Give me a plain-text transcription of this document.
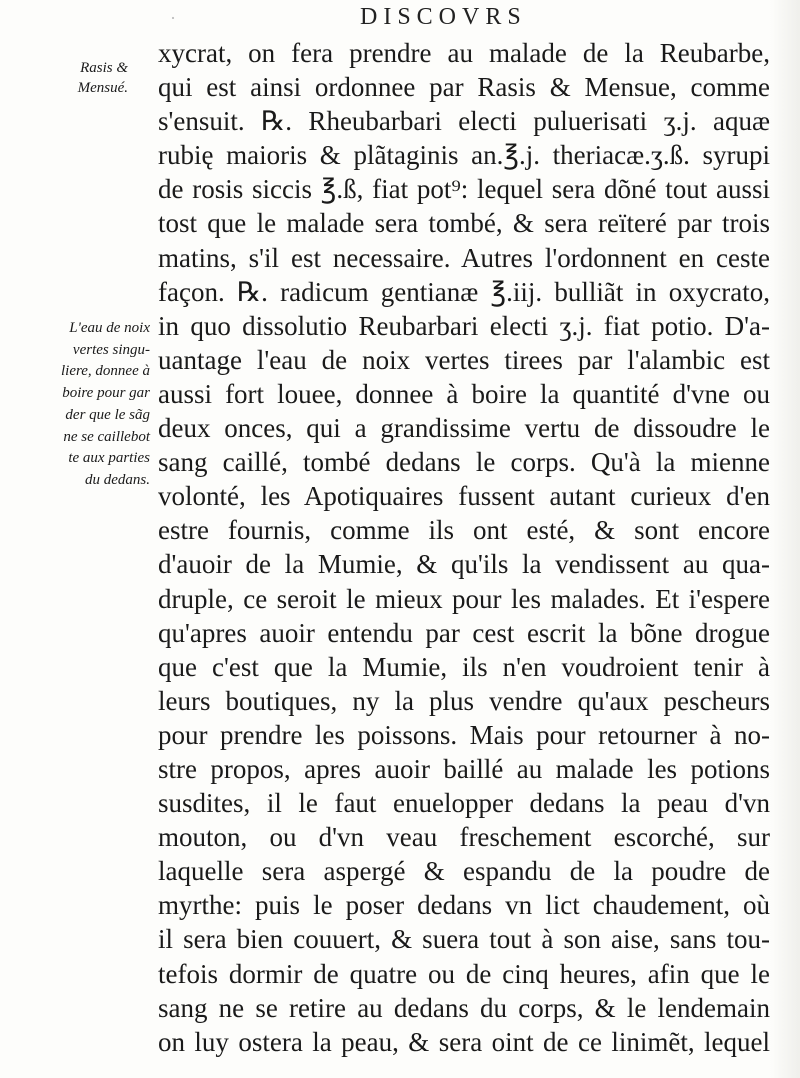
·	DISCOVRS
Rasis &
Mensué.
L'eau de noix
vertes singu-
liere, donnee à
boire pour gar
der que le sãg
ne se caillebot
te aux parties
du dedans.
xycrat, on fera prendre au malade de la Reubarbe,
qui est ainsi ordonnee par Rasis & Mensue, comme
s'ensuit. ℞. Rheubarbari electi puluerisati ʒ.j. aquæ
rubię maioris & plãtaginis an.℥.j. theriacæ.ʒ.ß. syrupi
de rosis siccis ℥.ß, fiat pot⁹: lequel sera dõné tout aussi
tost que le malade sera tombé, & sera reïteré par trois
matins, s'il est necessaire. Autres l'ordonnent en ceste
façon. ℞. radicum gentianæ ℥.iij. bulliãt in oxycrato,
in quo dissolutio Reubarbari electi ʒ.j. fiat potio. D'a-
uantage l'eau de noix vertes tirees par l'alambic est
aussi fort louee, donnee à boire la quantité d'vne ou
deux onces, qui a grandissime vertu de dissoudre le
sang caillé, tombé dedans le corps. Qu'à la mienne
volonté, les Apotiquaires fussent autant curieux d'en
estre fournis, comme ils ont esté, & sont encore
d'auoir de la Mumie, & qu'ils la vendissent au qua-
druple, ce seroit le mieux pour les malades. Et i'espere
qu'apres auoir entendu par cest escrit la bõne drogue
que c'est que la Mumie, ils n'en voudroient tenir à
leurs boutiques, ny la plus vendre qu'aux pescheurs
pour prendre les poissons. Mais pour retourner à no-
stre propos, apres auoir baillé au malade les potions
susdites, il le faut enuelopper dedans la peau d'vn
mouton, ou d'vn veau freschement escorché, sur
laquelle sera aspergé & espandu de la poudre de
myrthe: puis le poser dedans vn lict chaudement, où
il sera bien couuert, & suera tout à son aise, sans tou-
tefois dormir de quatre ou de cinq heures, afin que le
sang ne se retire au dedans du corps, & le lendemain
on luy ostera la peau, & sera oint de ce linimẽt, lequel
